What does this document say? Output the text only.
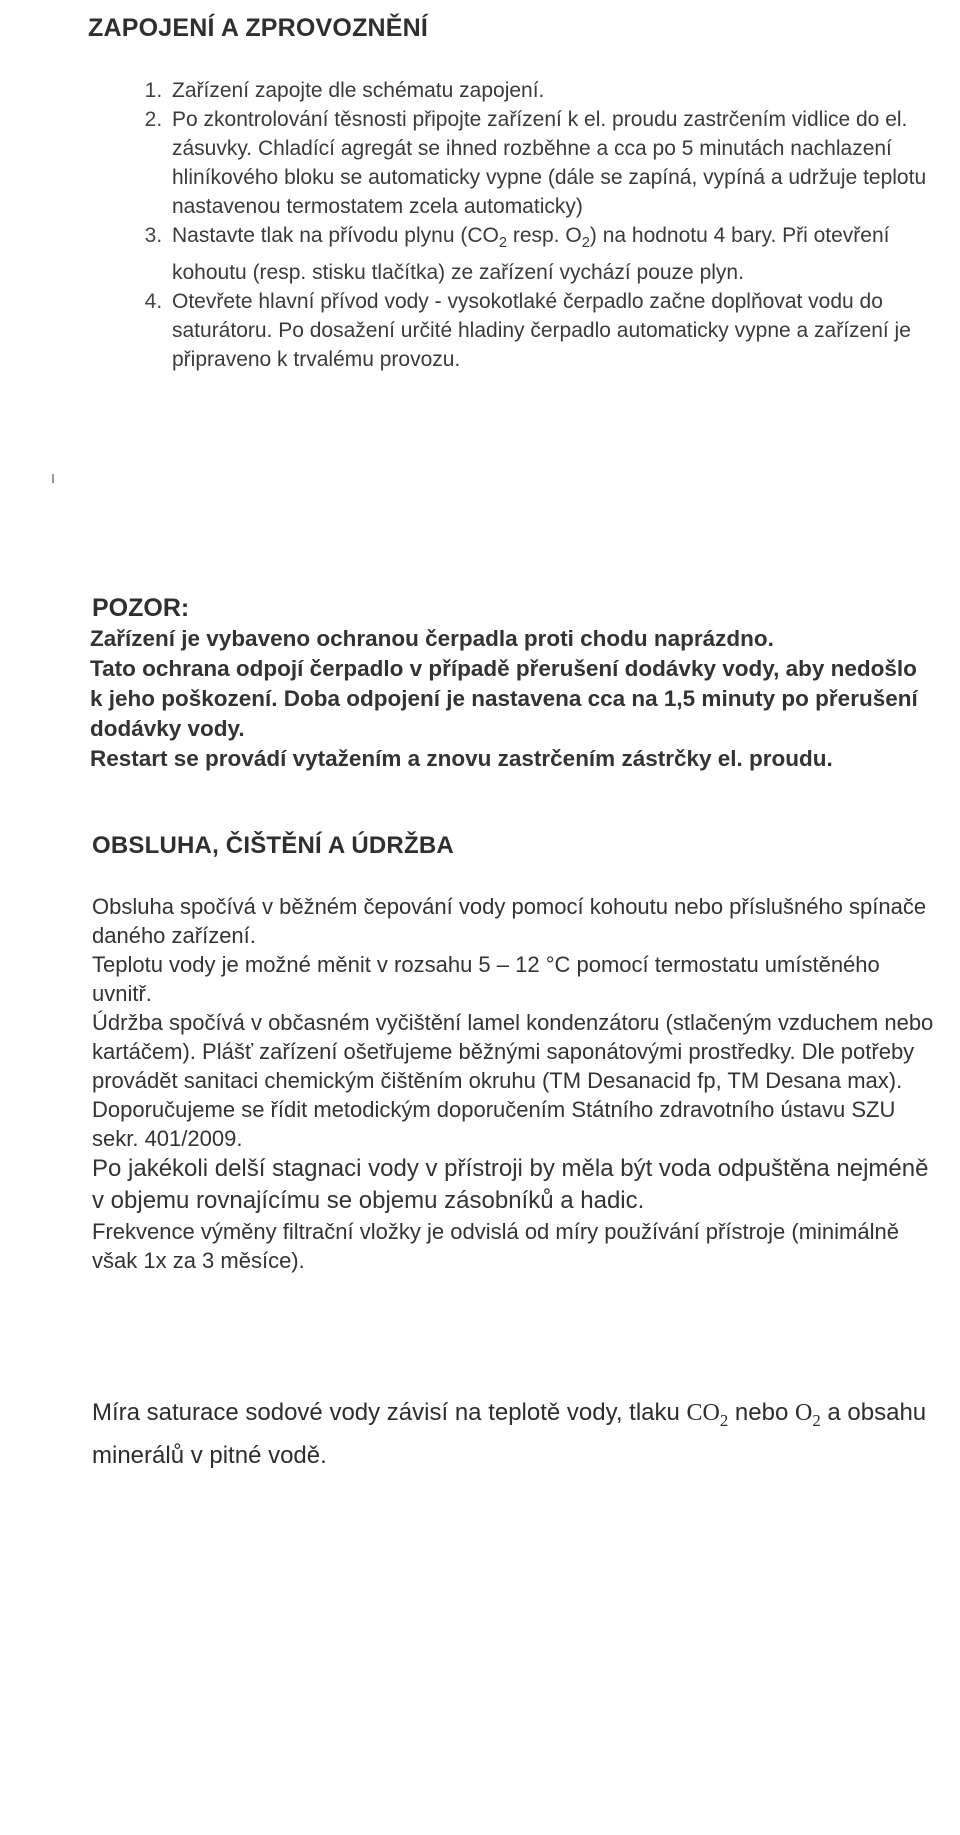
ZAPOJENÍ A ZPROVOZNĚNÍ
1. Zařízení zapojte dle schématu zapojení.
2. Po zkontrolování těsnosti připojte zařízení k el. proudu zastrčením vidlice do el. zásuvky. Chladící agregát se ihned rozběhne a cca po 5 minutách nachlazení hliníkového bloku se automaticky vypne (dále se zapíná, vypíná a udržuje teplotu nastavenou termostatem zcela automaticky)
3. Nastavte tlak na přívodu plynu ($CO_2$ resp. $O_2$) na hodnotu 4 bary. Při otevření kohoutu (resp. stisku tlačítka) ze zařízení vychází pouze plyn.
4. Otevřete hlavní přívod vody - vysokotlaké čerpadlo začne doplňovat vodu do saturátoru. Po dosažení určité hladiny čerpadlo automaticky vypne a zařízení je připraveno k trvalému provozu.
POZOR:

Zařízení je vybaveno ochranou čerpadla proti chodu naprázdno.
Tato ochrana odpojí čerpadlo v případě přerušení dodávky vody, aby nedošlo k jeho poškození. Doba odpojení je nastavena cca na 1,5 minuty po přerušení dodávky vody.
Restart se provádí vytažením a znovu zastrčením zástrčky el. proudu.

OBSLUHA, ČIŠTĚNÍ A ÚDRŽBA

Obsluha spočívá v běžném čepování vody pomocí kohoutu nebo příslušného spínače daného zařízení.
Teplotu vody je možné měnit v rozsahu 5 – 12 °C pomocí termostatu umístěného uvnitř.
Údržba spočívá v občasném vyčištění lamel kondenzátoru (stlačeným vzduchem nebo kartáčem). Plášť zařízení ošetřujeme běžnými saponátovými prostředky. Dle potřeby provádět sanitaci chemickým čištěním okruhu (TM Desanacid fp, TM Desana max). Doporučujeme se řídit metodickým doporučením Státního zdravotního ústavu SZU sekr. 401/2009.
Po jakékoli delší stagnaci vody v přístroji by měla být voda odpuštěna nejméně v objemu rovnajícímu se objemu zásobníků a hadic.
Frekvence výměny filtrační vložky je odvislá od míry používání přístroje (minimálně však 1x za 3 měsíce).

Míra saturace sodové vody závisí na teplotě vody, tlaku $CO_2$ nebo $O_2$ a obsahu minerálů v pitné vodě.
